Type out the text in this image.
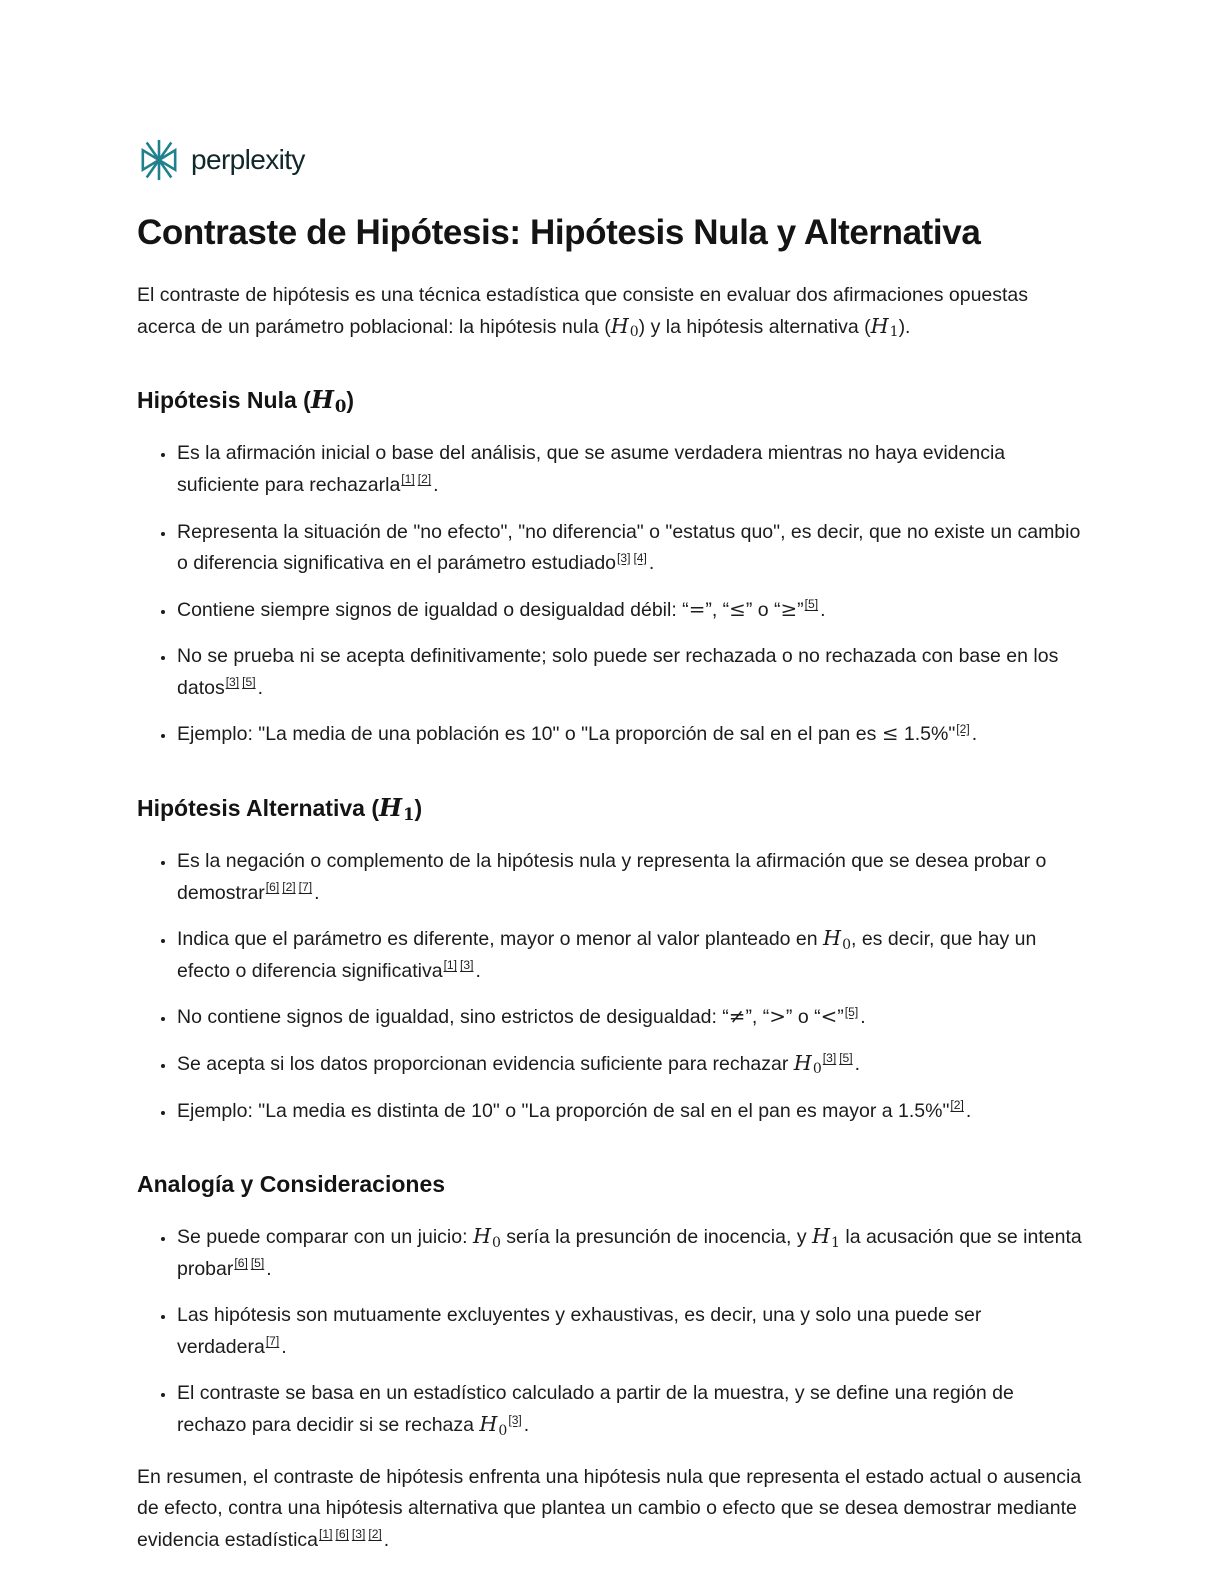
perplexity
Contraste de Hipótesis: Hipótesis Nula y Alternativa

El contraste de hipótesis es una técnica estadística que consiste en evaluar dos afirmaciones opuestas acerca de un parámetro poblacional: la hipótesis nula $(H_0)$ y la hipótesis alternativa $(​H_1)$.

Hipótesis Nula $(H_0)$
• Es la afirmación inicial o base del análisis, que se asume verdadera mientras no haya evidencia suficiente para rechazarla[1] [2] .
• Representa la situación de "no efecto", "no diferencia" o "estatus quo", es decir, que no existe un cambio o diferencia significativa en el parámetro estudiado[3] [4] .
• Contiene siempre signos de igualdad o desigualdad débil: “=”, “≤” o “≥”[5] .
• No se prueba ni se acepta definitivamente; solo puede ser rechazada o no rechazada con base en los datos[3] [5] .
• Ejemplo: "La media de una población es 10" o "La proporción de sal en el pan es ≤ 1.5%"[2] .
Hipótesis Alternativa $(H_1)$
• Es la negación o complemento de la hipótesis nula y representa la afirmación que se desea probar o demostrar[6] [2] [7] .
• Indica que el parámetro es diferente, mayor o menor al valor planteado en $H_0$, es decir, que hay un efecto o diferencia significativa[1] [3] .
• No contiene signos de igualdad, sino estrictos de desigualdad: “≠”, “>” o “<”[5] .
• Se acepta si los datos proporcionan evidencia suficiente para rechazar $H_0[3]$ [5] .
• Ejemplo: "La media es distinta de 10" o "La proporción de sal en el pan es mayor a 1.5%"[2] .
Analogía y Consideraciones
• Se puede comparar con un juicio: $H_0$ sería la presunción de inocencia, y $H_1$ la acusación que se intenta probar[6] [5] .
• Las hipótesis son mutuamente excluyentes y exhaustivas, es decir, una y solo una puede ser verdadera[7] .
• El contraste se basa en un estadístico calculado a partir de la muestra, y se define una región de rechazo para decidir si se rechaza $H_0[3]$ .

En resumen, el contraste de hipótesis enfrenta una hipótesis nula que representa el estado actual o ausencia de efecto, contra una hipótesis alternativa que plantea un cambio o efecto que se desea demostrar mediante evidencia estadística[1] [6] [3] [2] .
